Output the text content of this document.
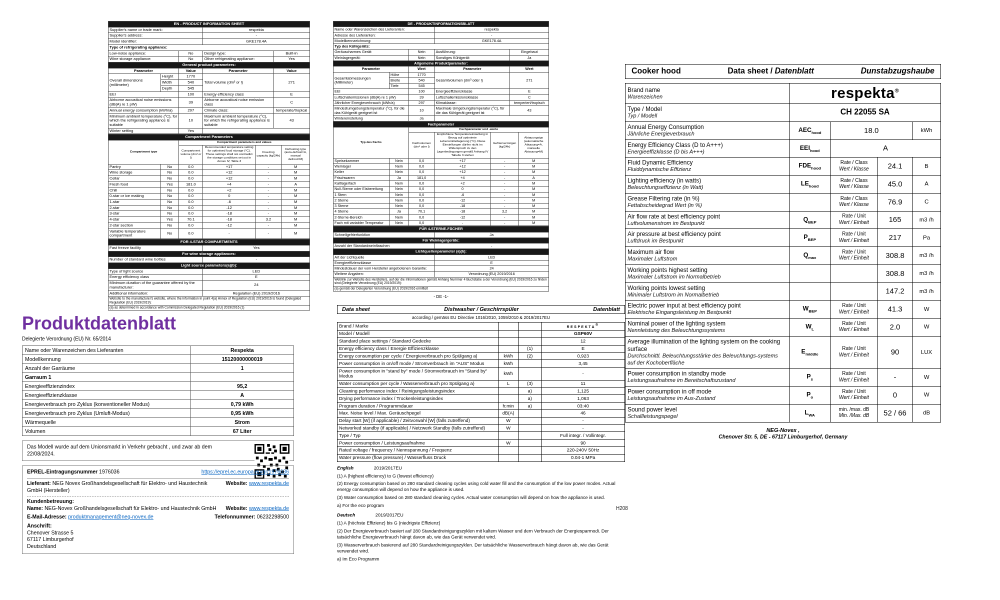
EN - PRODUCT INFORMATION SHEET				
Supplier's name or trade mark:			respekta	
Supplier's address:			-	
Model identifier:			GKE178.4A	
Type of refrigerating appliance:				
Low-noise appliance:		No	Design type:	Built-in
Wine storage appliance:		No	Other refrigerating appliance:	Yes
General product parameters:				
Parameter		Value	Parameter	Value
Overall dimensions (millimetre)	Height	1770	Total volume (dm³ or l)	271
	Width	540		
	Depth	545		
EEI		100	Energy efficiency class	E
Airborne acoustical noise emissions (dB(A) re 1 pW)		39	Airborne acoustical noise emission class	C
Annual energy consumption (kWh/a)		297	Climate class:	temperate/tropical
Minimum ambient temperature (°C), for which the refrigerating appliance is suitable		10	Maximum ambient temperature (°C), for which the refrigerating appliance is suitable	43
Winter setting		Yes		
Compartment Parameters					
Compartment type		Compartment parameters and values			
		Compartment volume (dm³ or l)	Recommended temperature setting for optimised food storage (°C). These settings shall not contradict the storage conditions set out in Annex IV, Table 3	Freezing capacity (kg/24h)	Defrosting type (auto-defrost=A, manual defrost=M)
Pantry	No	0.0	+17	-	M
Wine storage	No	0.0	+12	-	M
Cellar	No	0.0	+12	-	M
Fresh food	Yes	181.0	+4	-	A
Chill	No	0.0	+2	-	M
0-star or ice making	No	0.0	0	-	M
1-star	No	0.0	-6	-	M
2-star	No	0.0	-12	-	M
3-star	No	0.0	-18	-	M
4-star	Yes	70.1	-18	3.2	M
2-star section	No	0.0	-12	-	M
Variable temperature compartment	No	0.0	-	-	M
FOR 4-STAR COMPARTMENTS	
Fast freeze facility	Yes
For wine storage appliances:	
Number of standard wine bottles	-
Light source parameters(a)(b):	
Type of light source	LED
Energy efficiency class	E
Minimum duration of the guarantee offered by the manufacturer:	24
Additional information:	Regulation (EU) 2019/2016
Website to the manufacturer's website, where the information in point 4(a) Annex of Regulation (EU) 2019/2016 is found (Delegated Regulation (EU) 2019/2019):	
(a) as determined in accordance with Commission Delegated Regulation (EU) 2019/2016 (1)	
DE - PRODUKTINFORMATIONSBLATT				
Name oder Warenzeichen des Lieferanten:			respekta	
Adresse des Lieferanten:			-	
Modellkennzeichnung:			GKE178.4A	
Typ des Kühlgeräts:				
Geräuscharmes Gerät:		Nein	Ausführung:	Eingebaut
Weinlagergerät:		Nein	Sonstiges Kühlgerät:	Ja
Allgemeine Produktparameter:				
Parameter		Wert	Parameter	Wert
Gesamtabmessungen (Millimeter)	Höhe	1770	Gesamtvolumen (dm³ oder l)	271
	Breite	540		
	Tiefe	545		
EEI		100	Energieeffizienzklasse	E
Luftschallemissionen (dB(A) re 1 pW)		39	Luftschallemissionsklasse	C
Jährlicher Energieverbrauch (kWh/a)		297	Klimaklasse:	temperiert/tropisch
Mindestumgebungstemperatur (°C), für die das Kühlgerät geeignet ist		10	Maximale Umgebungstemperatur (°C), für die das Kühlgerät geeignet ist	43
Wintereinstellung		Ja		
Fachparameter					
Typ des Fachs		Fachparameter und -werte			
		Fachvolumen (dm³ oder l)	Empfohlene Temperatureinstellung in Bezug auf optimierte Lebensmittellagerung (°C). Diese Einstellungen dürfen nicht im Widerspruch zu den Lagerbedingungen gemäß Anhang IV Tabelle 3 stehen	Gefriervermögen (kg/24h)	Abtauungstyp (automatische Abtauung=A, manuelle Abtauung=M)
Speisekammer	Nein	0,0	+17	-	M
Weinlager	Nein	0,0	+12	-	M
Keller	Nein	0,0	+12	-	M
Frischwaren	Ja	181,0	+4	-	A
Kaltlagerfach	Nein	0,0	+2	-	M
Null-Sterne oder Eisbereitung	Nein	0,0	0	-	M
1 Stern	Nein	0,0	-6	-	M
2 Sterne	Nein	0,0	-12	-	M
3 Sterne	Nein	0,0	-18	-	M
4 Sterne	Ja	70,1	-18	3,2	M
2-Sterne-Bereich	Nein	0,0	-12	-	M
Fach mit variabler Temperatur	Nein	0,0	-	-	M
FÜR 4-STERNE-FÄCHER	
Schnellgefrierfunktion	Ja
Für Weinlagergeräte:	
Anzahl der Standardweinflaschen	-
Lichtquellenparameter (a)(b):	
Art der Lichtquelle	LED
Energieeffizienzklasse	E
Mindestdauer der vom Hersteller angebotenen Garantie:	24
Weitere Angaben:	Verordnung (EU) 2019/2016
Weblink zur Website des Herstellers, auf der die Informationen gemäß Anhang Nummer 4 Buchstabe a der Verordnung (EU) 2019/2016 zu finden sind (Delegierte Verordnung (EU) 2019/2019):	
(a) gemäß der Delegierten Verordnung (EU) 2019/2016 ermittelt	
- DE -1-
Cooker hood	Data sheet / Datenblatt	Dunstabzugshaube
Brand name
Warenzeichen	respekta®

Type / Model
Typ / Modell	CH 22055 SA			

Annual Energy Consumption
Jährliche Energieverbrauch	$AEC_{hood}$	18.0		kWh

Energy Efficiency Class (D to A+++)
Energieeffizklasse (D bis A+++)	$EEI_{hood}$	A		

Fluid Dynamic Efficiency
Fluiddynamische Effizienz
	$FDE_{hood}$	
Rate / Class
Wert / Klasse	24.1	B

Lighting efficiency (in watts)
Beleuchtungseffizienz (in Watt)
	$LE_{hood}$	
Rate / Class
Wert / Klasse	45.0	A

Grease Filtering rate (in %)
Fettabscheidegrad Wert (in %)

Rate / Class
Wert / Klasse	76.9	C

Air flow rate at best efficiency point
Luftvolumenstrom im Bestpunkt
	$Q_{BEP}$	
Rate / Unit
Wert / Einheit	165	m3 /h

Air pressure at best efficiency point
Luftdruck im Bestpunkt
	$P_{BEP}$	
Rate / Unit
Wert / Einheit	217	Pa

Maximum air flow
Maximaler Luftstrom
	$Q_{max}$	
Rate / Unit
Wert / Einheit	308.8	m3 /h

Working points highest setting
Maximaler Luftstrom im Normalbetrieb			308.8	m3 /h

Working points lowest setting
Minimaler Luftstrom im Normalbetrieb			147.2	m3 /h

Electric power input at best efficiency point
Elektrische Eingangsleistung im Bestpunkt
	$W_{BEP}$	
Rate / Unit
Wert / Einheit	41.3	W

Nominal power of the lighting system
Nennleistung des Beleuchtungssystems
	$W_L$	
Rate / Unit
Wert / Einheit	2.0	W

Average illumination of the lighting system on the cooking surface
Durchschnittl. Beleuchtungsstärke des Beleuchtungs-systems auf der Kochoberfläche
	$E_{middle}$	
Rate / Unit
Wert / Einheit	90	LUX

Power consumption in standby mode
Leistungsaufnahme im Bereitschaftszustand
	$P_s$	
Rate / Unit
Wert / Einheit	-	W

Power consumption in off mode
Leistungsaufnahme im Aus-Zustand
	$P_o$	
Rate / Unit
Wert / Einheit	0	W

Sound power level
Schallleistungspegel
	$L_{WA}$	
min. /max. dB
Min. /Max. dB	52 / 66	dB
NEG-Novex ,
Chenover Str. 5, DE - 67117 Limburgerhof, Germany
Produktdatenblatt
Delegierte Verordnung (EU) Nr. 65/2014
Name oder Warenzeichen des Lieferanten	Respekta
Modellkennung	15120000000019
Anzahl der Garräume	1
Garraum 1	
Energieeffizienzindex	95,2
Energieeffizienzklasse	A
Energieverbrauch pro Zyklus (konventioneller Modus)	0,79 kWh
Energieverbrauch pro Zyklus (Umluft-Modus)	0,95 kWh
Wärmequelle	Strom
Volumen	67 Liter
Das Modell wurde auf dem Unionsmarkt in Verkehr gebracht , und zwar ab dem 22/08/2024.
EPREL-Eintragungsnummer 1976036	https://eprel.ec.europa.eu/qr/1976036
Lieferant: NEG Novex Großhandelsgesellschaft für Elektro- und Haustechnik GmbH (Hersteller)
Website: www.respekta.de
Kundenbetreuung:
Name: NEG-Novex Großhandelsgesellschaft für Elektro- und Haustechnik GmbH Website: www.respekta.de
E-Mail-Adresse: produktmanagement@neg-novex.de	Telefonnummer: 06232298500
Anschrift:
Chenover Strasse 5
67117 Limburgerhof
Deutschland
Data sheet	Dishwasher / Geschirrspüler	Datenblatt
according / gemäss EU Directive 1016/2010, 1059/2010 & 2019/2017EU
Brand / Marke			respekta®
Model / Modell			GSP60V
Standard place settings / Standard Gedecke			12
Energy efficiency class / Energie Effizienzklasse		(1)	E
Energy consumption per cycle / Energieverbrauch pro Spülgang a)	kWh	(2)	0,923
Power consumption in on/off mode / Stromverbrauch im "AUS" Modus	kWh		3,45
Power consumption in "stand by" mode / Stromverbrauch im "Stand by" Modus	kWh		-
Water consumption per cycle / Wasserverbrauch pro Spülgang a)	L	(3)	11
Cleaning performance index / Reinigungsleistungsindex		a)	1,125
Drying performance index / Trockenleistungsindex		a)	1,063
Program duration / Programmdauer	h:min	a)	03:40
Max. Noise level / Max. Geräuschpegel	dB(A)		46
Delay start [W] (if applicable) / Zeitvorwahl [W] (falls zutreffend)	W		-
Networked standby (if applicable) / Netzwerk Standby (falls zutreffend)	W		-
Type / Typ			Full integr. / Vollintegr.
Power consumption / Leistungsaufnahme	W		90
Rated voltage / frequency / Nennspannung / Frequenz			220-240V 50Hz
Water pressure (flow pressure) / Wasserfluss Druck			0.04-1 MPa
English 2019/2017EU

(1) A (highest efficiency) to G (lowest efficiency)

(2) Energy consumption based on 280 standard cleaning cycles using cold water fill and the consumption of the low power modes. Actual energy consumption will depend on how the appliance is used.

(3) Water consumption based on 280 standard cleaning cycles. Actual water consumption will depend on how the appliance is used.

a) For the eco program

Deutsch 2019/2017EU

(1) A (höchste Effizienz) bis G (niedrigste Effizienz)

(2) Der Energieverbrauch basiert auf 280 Standardreinigungszyklen mit kaltem Wasser und dem Verbrauch der Energiesparmodi. Der tatsächliche Energieverbrauch hängt davon ab, wie das Gerät verwendet wird.

(3) Wasserverbrauch basierend auf 280 Standardreinigungszyklen. Der tatsächliche Wasserverbrauch hängt davon ab, wie das Gerät verwendet wird.

a) Im Eco Programm

H208
